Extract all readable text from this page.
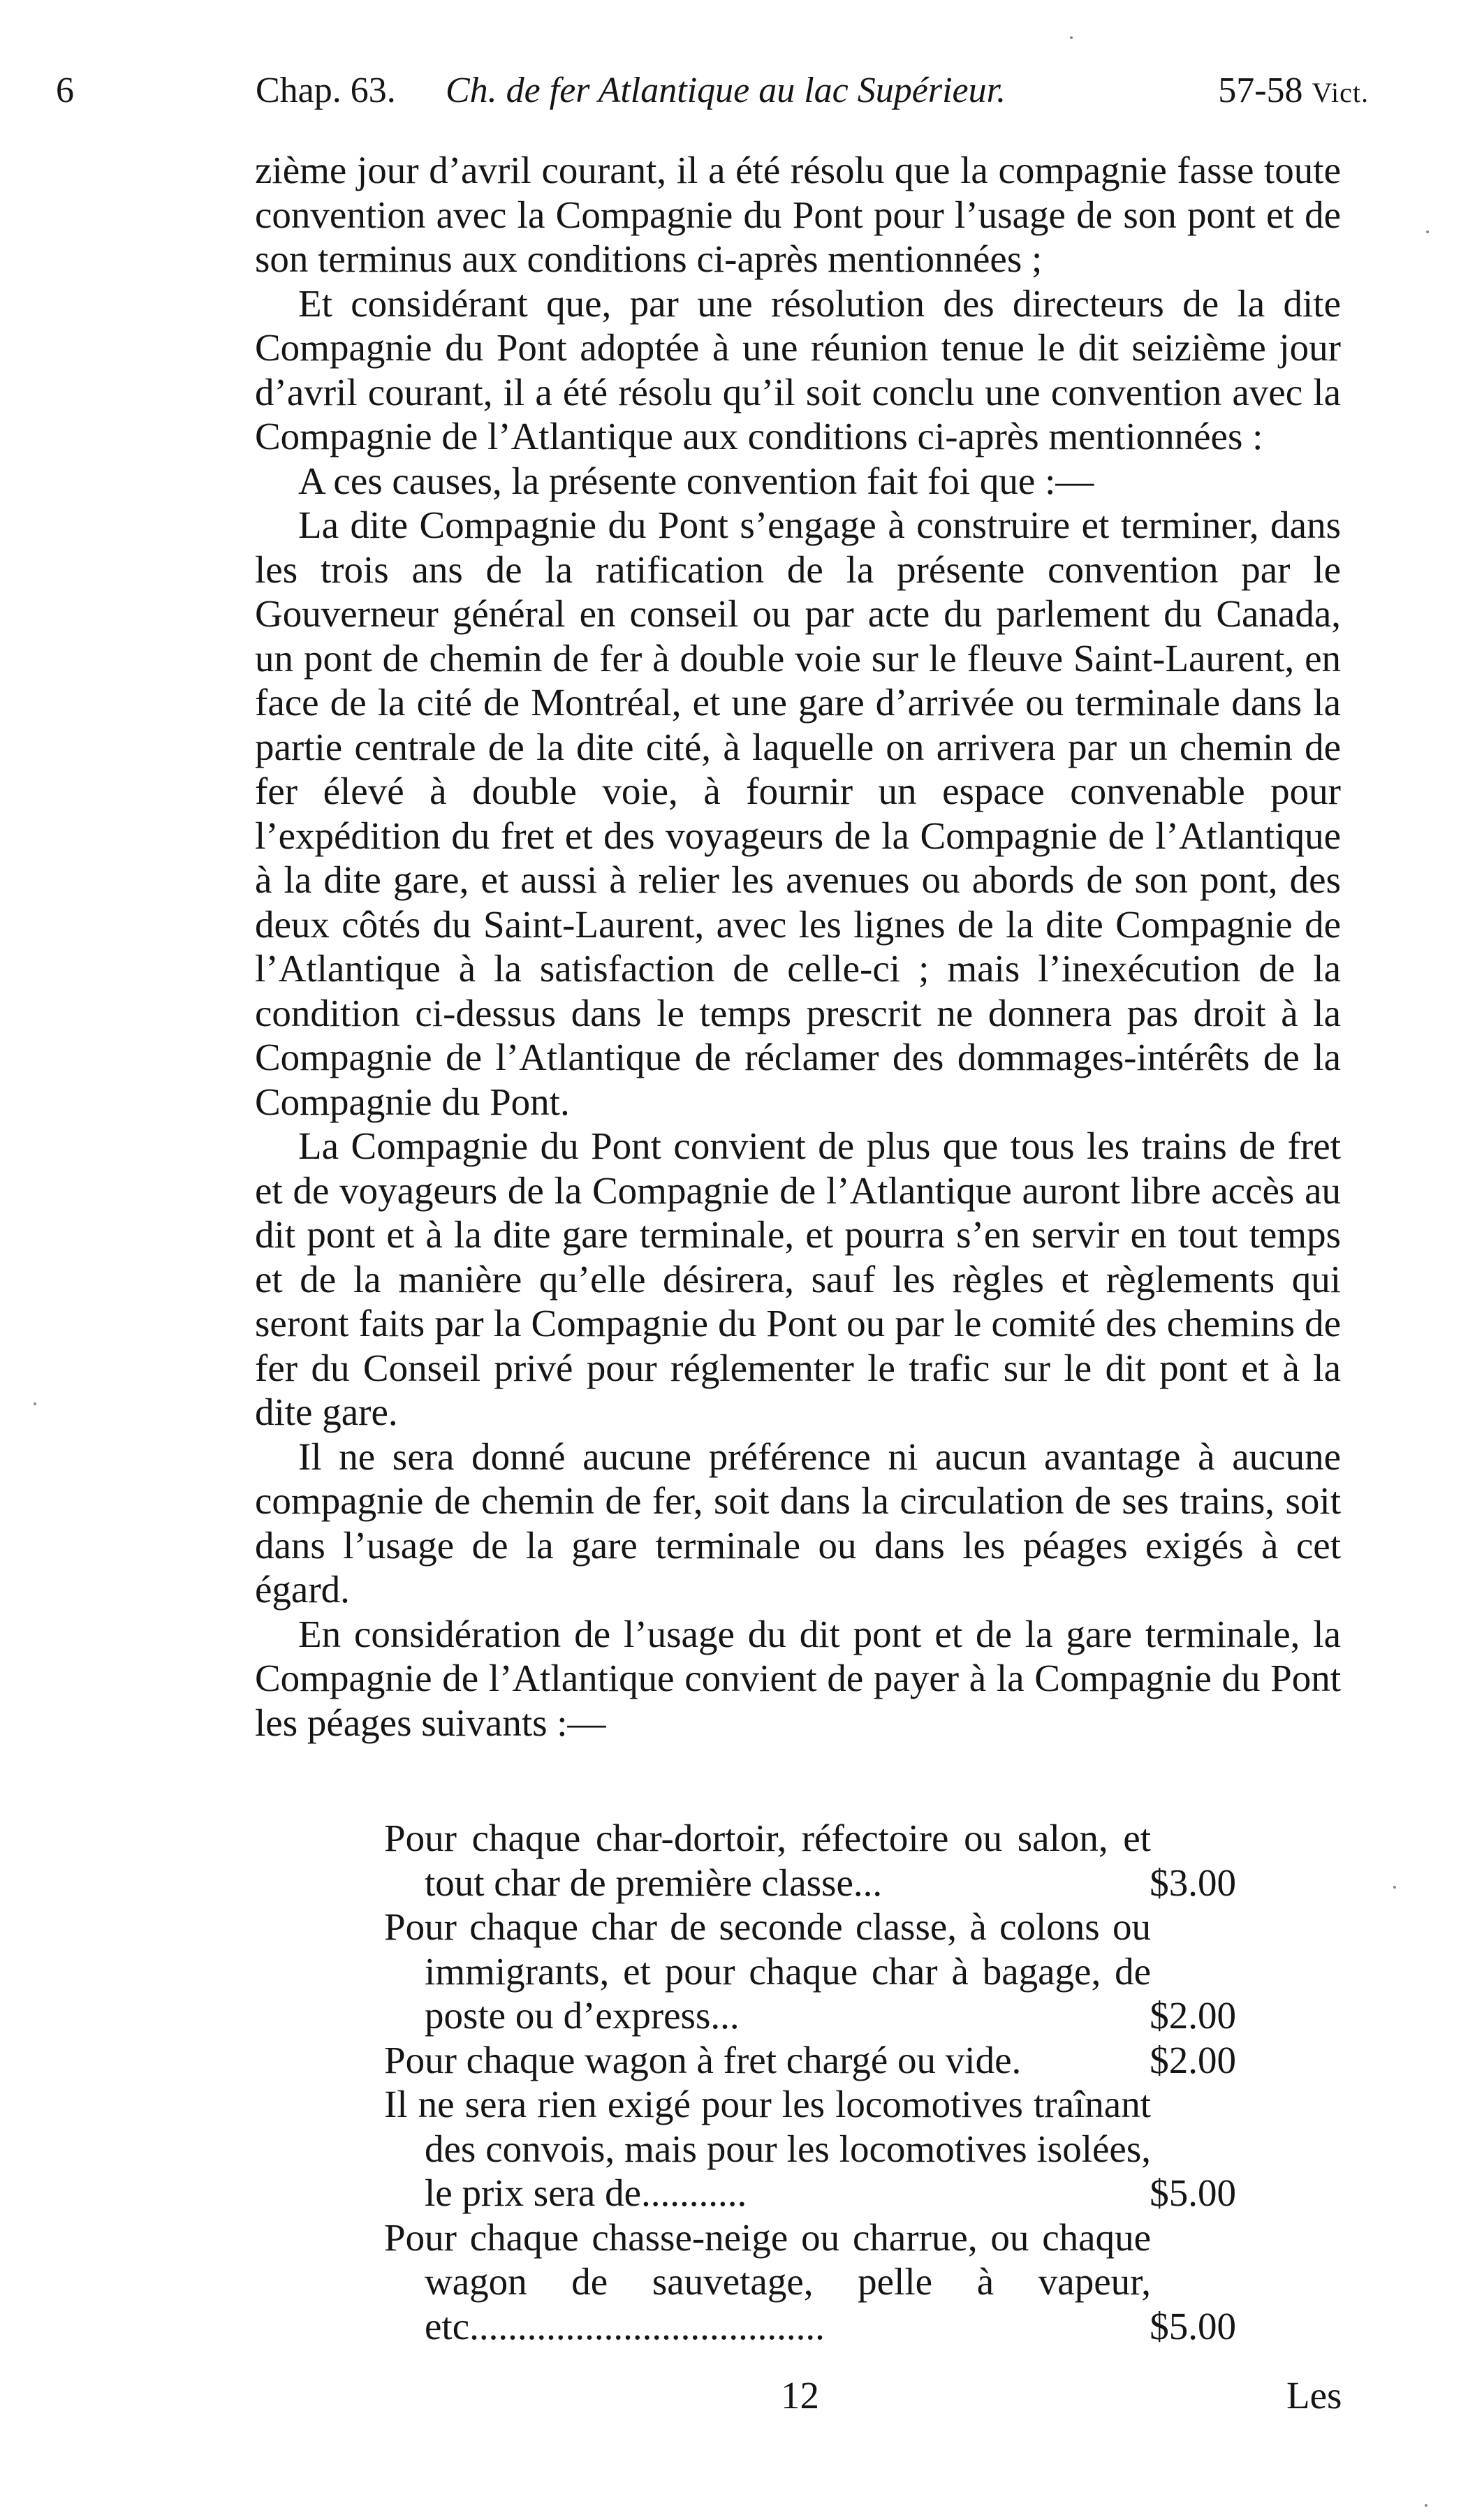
6	Chap. 63. Ch. de fer Atlantique au lac Supérieur.	57-58 Vict.

zième jour d’avril courant, il a été résolu que la compagnie fasse toute convention avec la Compagnie du Pont pour l’usage de son pont et de son terminus aux conditions ci-après mentionnées ;

Et considérant que, par une résolution des directeurs de la dite Compagnie du Pont adoptée à une réunion tenue le dit seizième jour d’avril courant, il a été résolu qu’il soit conclu une convention avec la Compagnie de l’Atlantique aux conditions ci-après mentionnées :

A ces causes, la présente convention fait foi que :—

La dite Compagnie du Pont s’engage à construire et terminer, dans les trois ans de la ratification de la présente convention par le Gouverneur général en conseil ou par acte du parlement du Canada, un pont de chemin de fer à double voie sur le fleuve Saint-Laurent, en face de la cité de Montréal, et une gare d’arrivée ou terminale dans la partie centrale de la dite cité, à laquelle on arrivera par un chemin de fer élevé à double voie, à fournir un espace convenable pour l’expédition du fret et des voyageurs de la Compagnie de l’Atlantique à la dite gare, et aussi à relier les avenues ou abords de son pont, des deux côtés du Saint-Laurent, avec les lignes de la dite Compagnie de l’Atlantique à la satisfaction de celle-ci ; mais l’inexécution de la condition ci-dessus dans le temps prescrit ne donnera pas droit à la Compagnie de l’Atlantique de réclamer des dommages-intérêts de la Compagnie du Pont.

La Compagnie du Pont convient de plus que tous les trains de fret et de voyageurs de la Compagnie de l’Atlantique auront libre accès au dit pont et à la dite gare terminale, et pourra s’en servir en tout temps et de la manière qu’elle désirera, sauf les règles et règlements qui seront faits par la Compagnie du Pont ou par le comité des chemins de fer du Conseil privé pour réglementer le trafic sur le dit pont et à la dite gare.

Il ne sera donné aucune préférence ni aucun avantage à aucune compagnie de chemin de fer, soit dans la circulation de ses trains, soit dans l’usage de la gare terminale ou dans les péages exigés à cet égard.

En considération de l’usage du dit pont et de la gare terminale, la Compagnie de l’Atlantique convient de payer à la Compagnie du Pont les péages suivants :—

Pour chaque char-dortoir, réfectoire ou salon, et tout char de première classe...	$3.00
Pour chaque char de seconde classe, à colons ou immigrants, et pour chaque char à bagage, de poste ou d’express...	$2.00
Pour chaque wagon à fret chargé ou vide.	$2.00
Il ne sera rien exigé pour les locomotives traînant des convois, mais pour les locomotives isolées, le prix sera de...........	$5.00
Pour chaque chasse-neige ou charrue, ou chaque wagon de sauvetage, pelle à vapeur, etc.....................................	$5.00
12	Les
